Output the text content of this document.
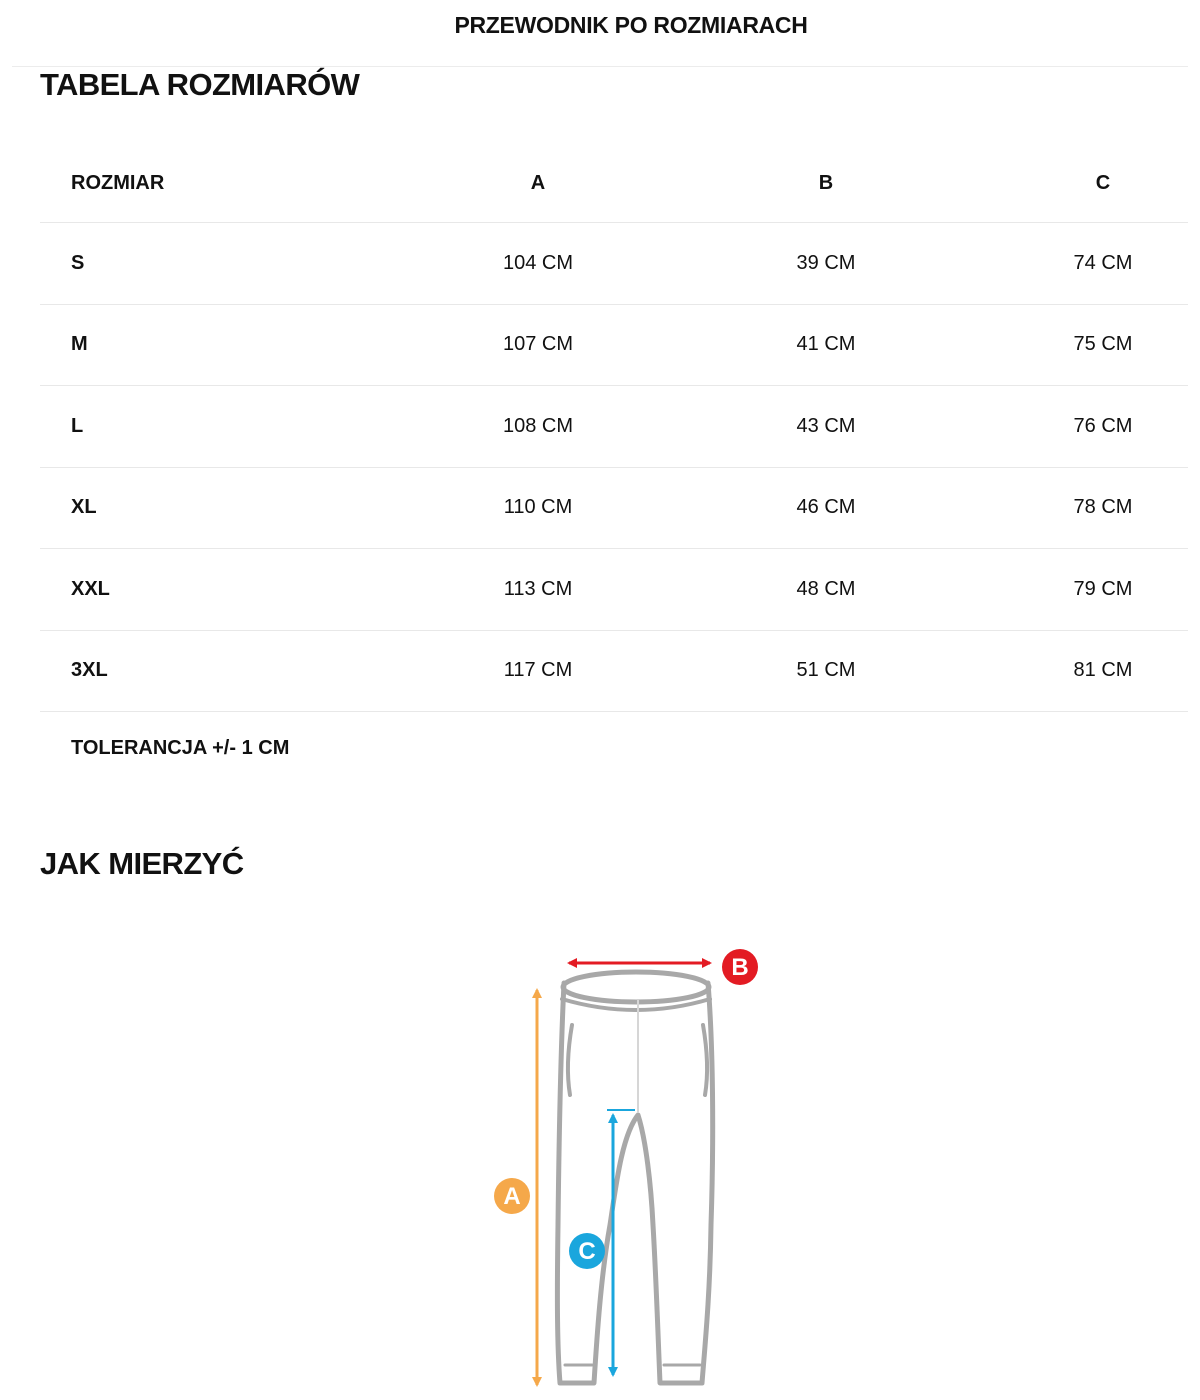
PRZEWODNIK PO ROZMIARACH
TABELA ROZMIARÓW
ROZMIAR	A	B	C
S	104 CM	39 CM	74 CM
M	107 CM	41 CM	75 CM
L	108 CM	43 CM	76 CM
XL	110 CM	46 CM	78 CM
XXL	113 CM	48 CM	79 CM
3XL	117 CM	51 CM	81 CM
TOLERANCJA +/- 1 CM
JAK MIERZYĆ
B
A
C
